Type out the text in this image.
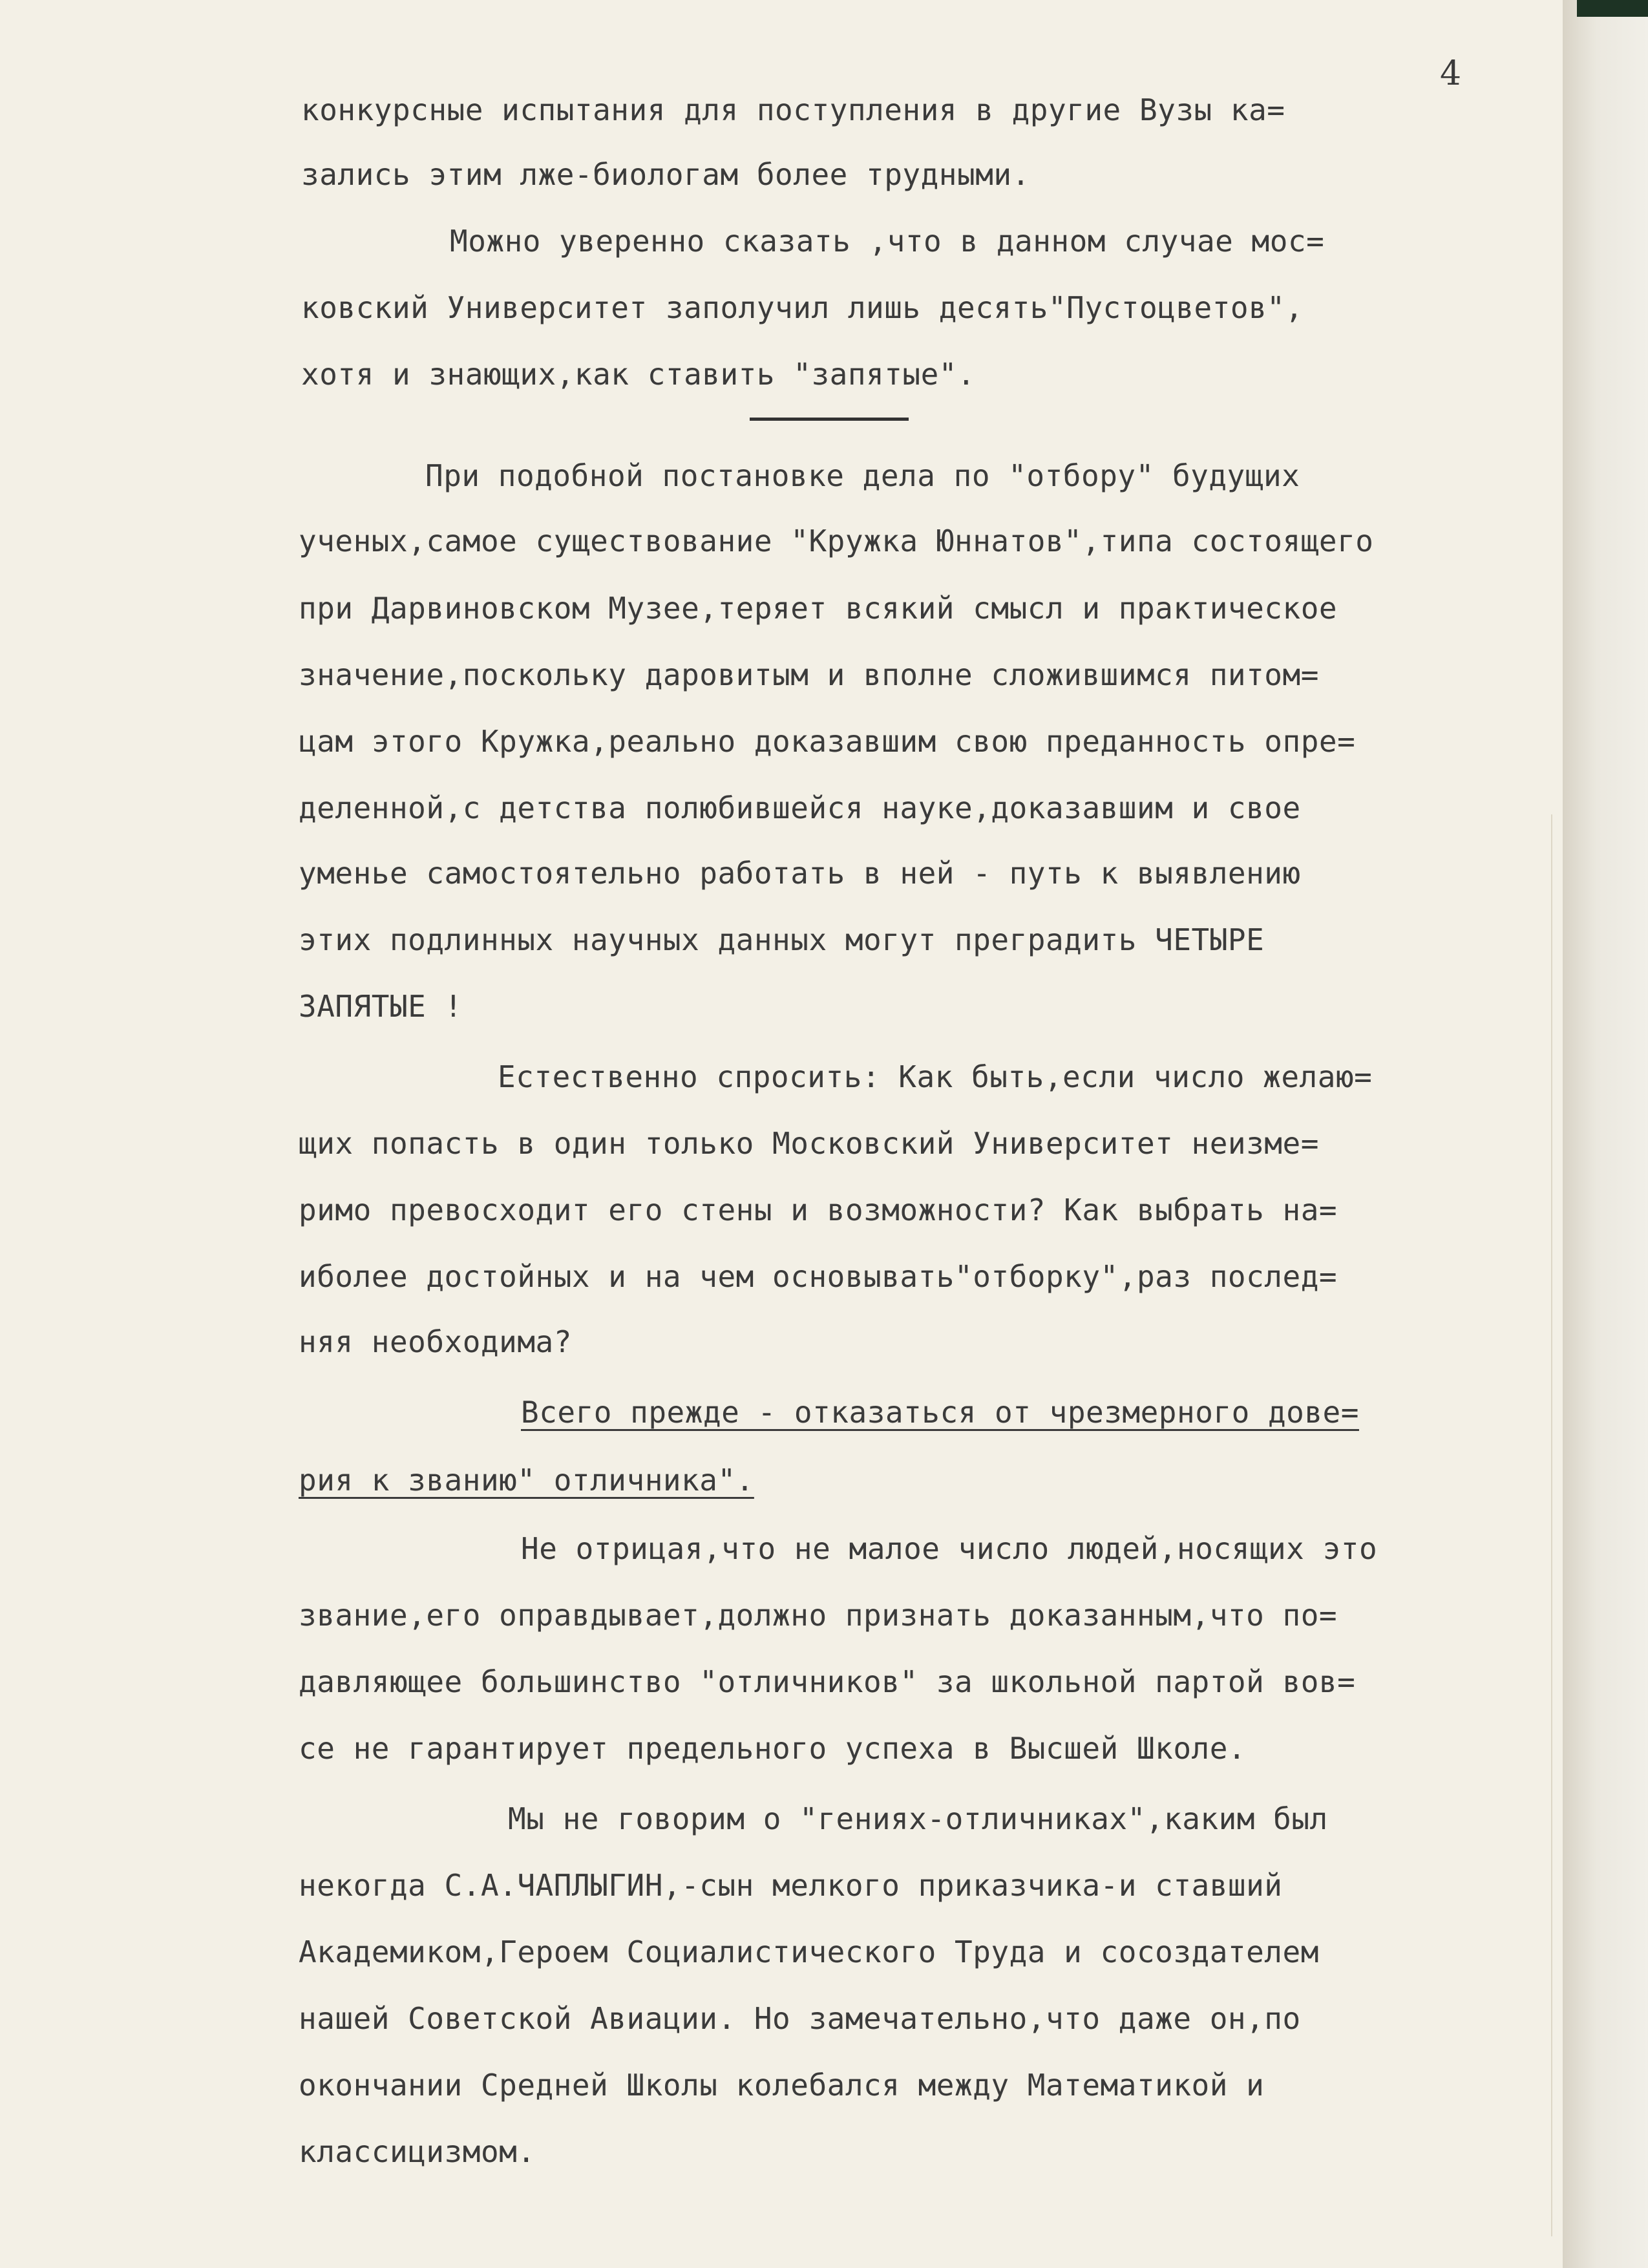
4
конкурсные испытания для поступления в другие Вузы ка=
зались этим лже-биологам более трудными.
Можно уверенно сказать ,что в данном случае мос=
ковский Университет заполучил лишь десять"Пустоцветов",
хотя и знающих,как ставить "запятые".
При подобной постановке дела по "отбору" будущих
ученых,самое существование "Кружка Юннатов",типа состоящего
при Дарвиновском Музее,теряет всякий смысл и практическое
значение,поскольку даровитым и вполне сложившимся питом=
цам этого Кружка,реально доказавшим свою преданность опре=
деленной,с детства полюбившейся науке,доказавшим и свое
уменье самостоятельно работать в ней - путь к выявлению
этих подлинных научных данных могут преградить ЧЕТЫРЕ
ЗАПЯТЫЕ !
Естественно спросить: Как быть,если число желаю=
щих попасть в один только Московский Университет неизме=
римо превосходит его стены и возможности? Как выбрать на=
иболее достойных и на чем основывать"отборку",раз послед=
няя необходима?
Всего прежде - отказаться от чрезмерного дове=
рия к званию" отличника".
Не отрицая,что не малое число людей,носящих это
звание,его оправдывает,должно признать доказанным,что по=
давляющее большинство "отличников" за школьной партой вов=
се не гарантирует предельного успеха в Высшей Школе.
Мы не говорим о "гениях-отличниках",каким был
некогда С.А.ЧАПЛЫГИН,-сын мелкого приказчика-и ставший
Академиком,Героем Социалистического Труда и сосоздателем
нашей Советской Авиации. Но замечательно,что даже он,по
окончании Средней Школы колебался между Математикой и
классицизмом.
